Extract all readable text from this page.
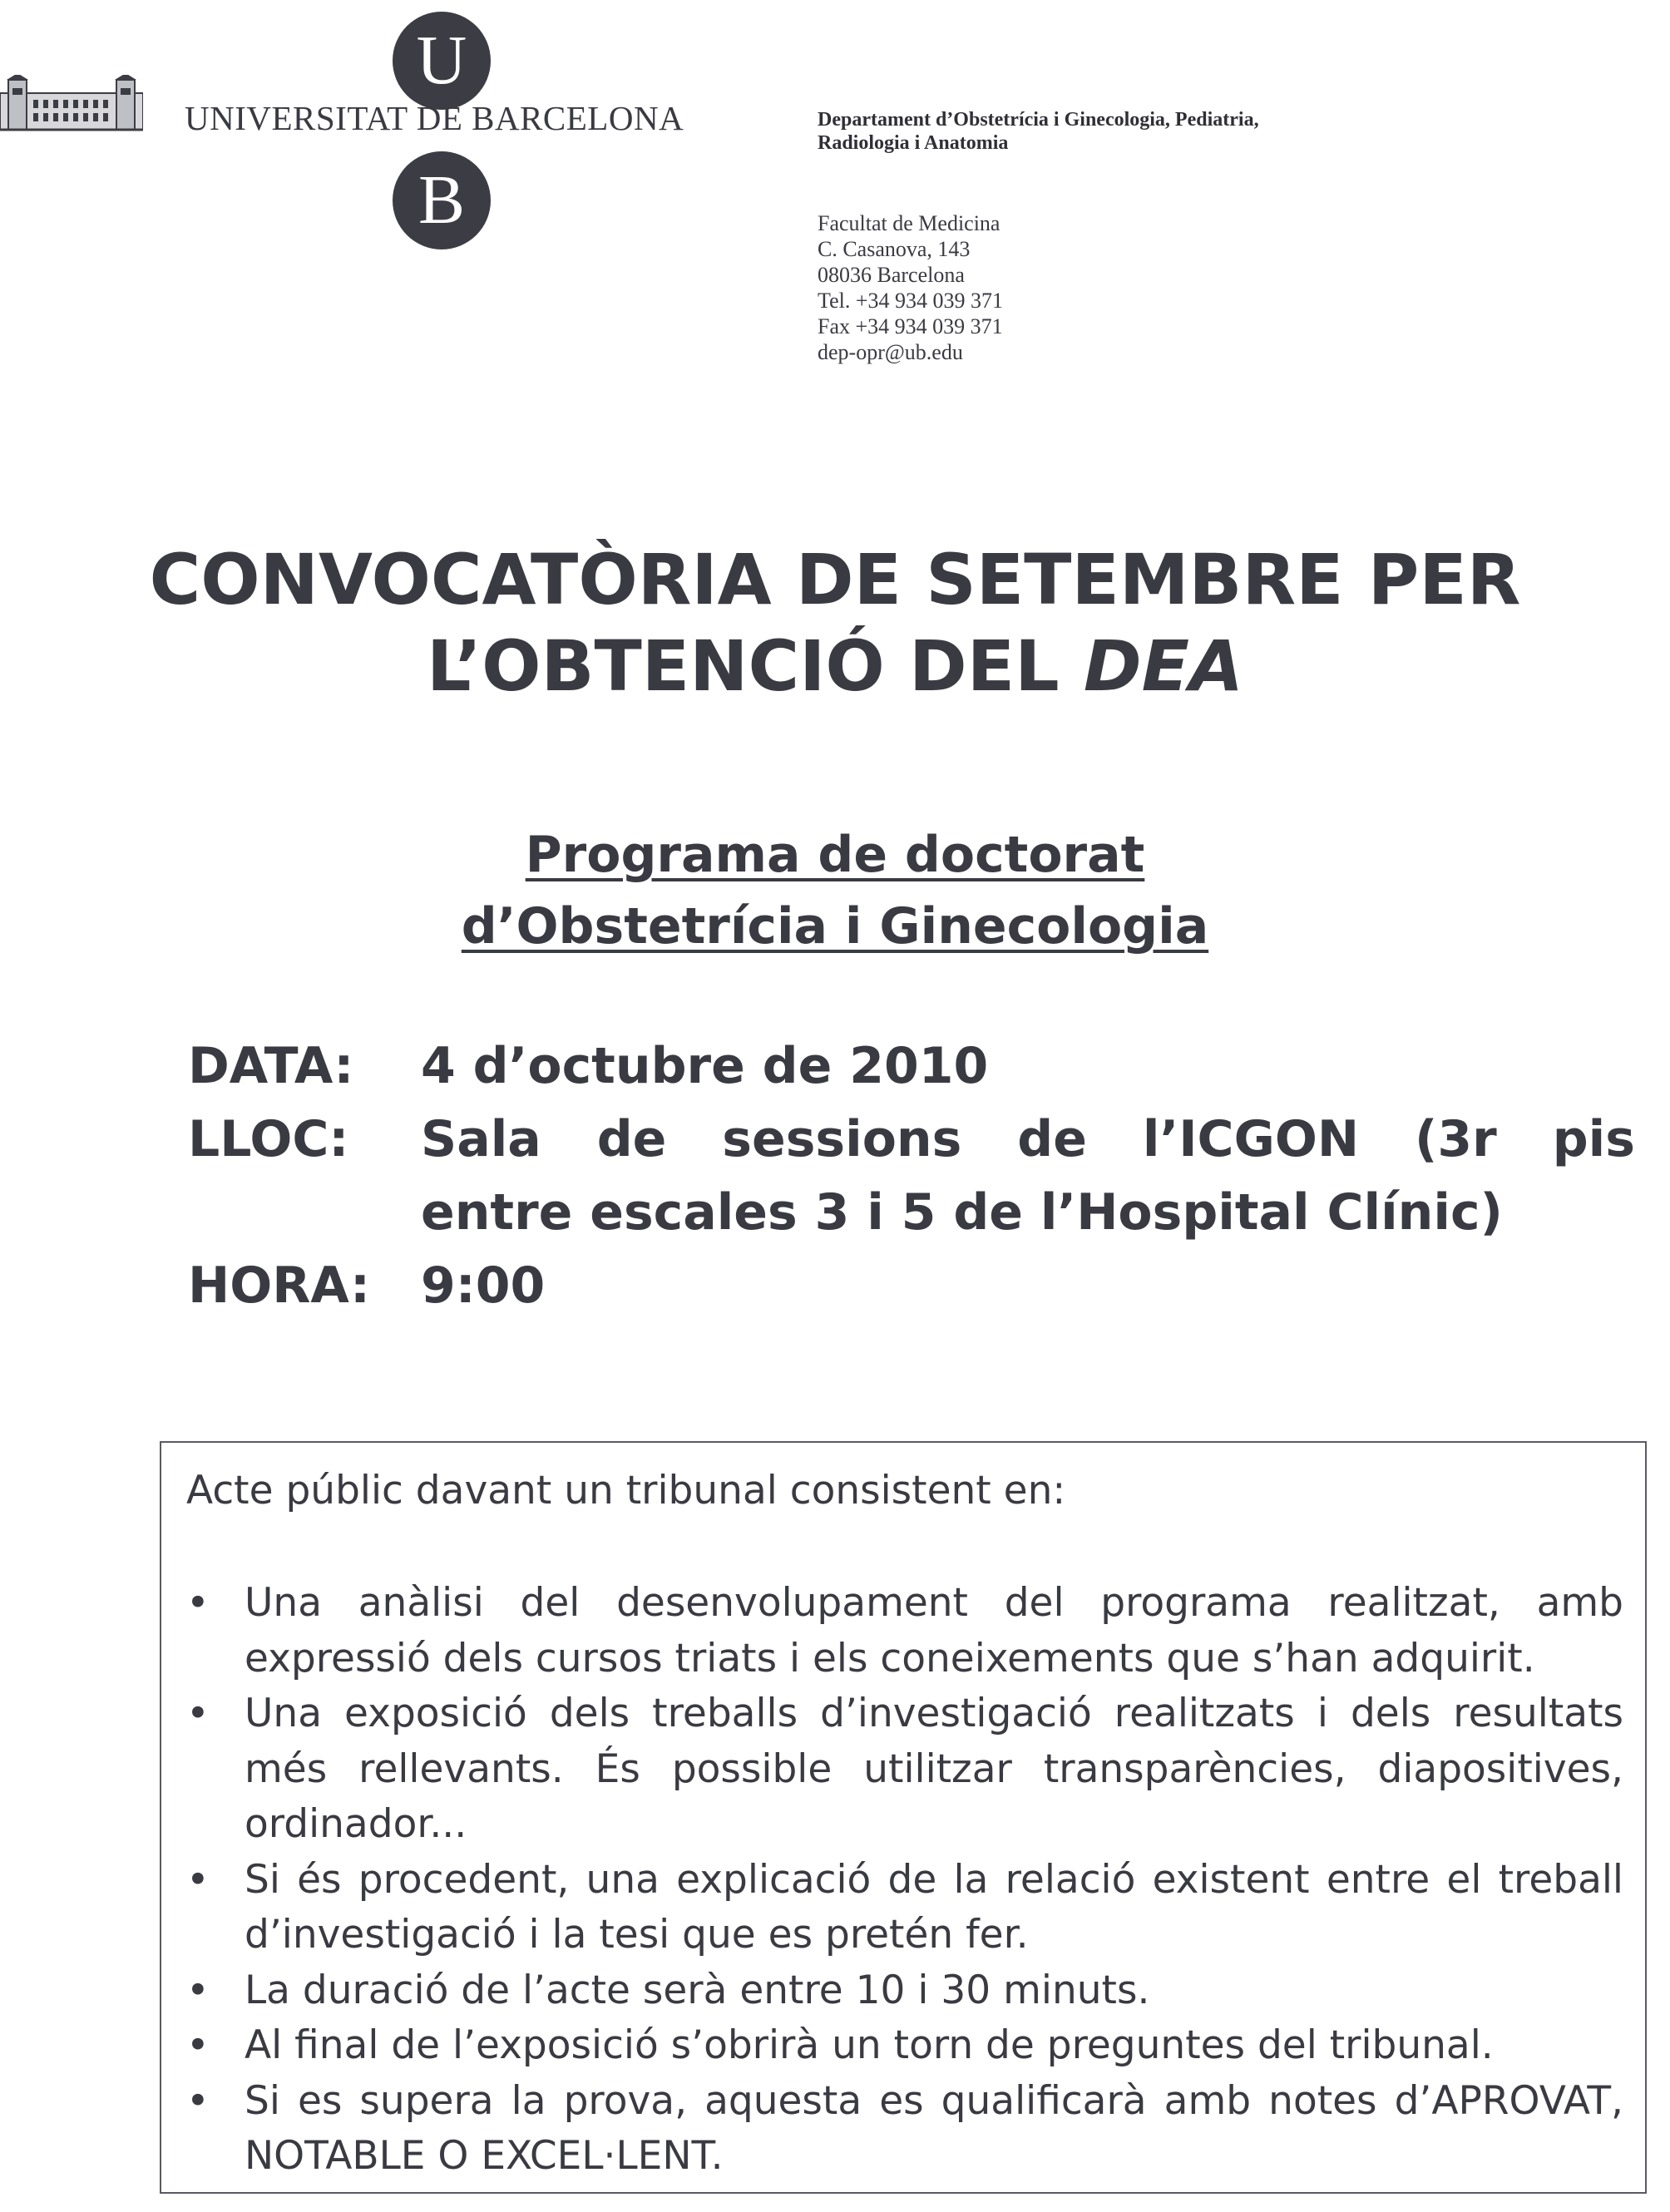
U
UNIVERSITAT DE BARCELONA
B
Departament d’Obstetrícia i Ginecologia, Pediatria, Radiologia i Anatomia
Facultat de Medicina
C. Casanova, 143
08036 Barcelona
Tel. +34 934 039 371
Fax +34 934 039 371
dep-opr@ub.edu
CONVOCATÒRIA DE SETEMBRE PER
L’OBTENCIÓ DEL DEA
Programa de doctorat
d’Obstetrícia i Ginecologia
DATA:	4 d’octubre de 2010
LLOC:	Sala de sessions de l’ICGON (3r pis
entre escales 3 i 5 de l’Hospital Clínic)
HORA:	9:00
Acte públic davant un tribunal consistent en:
• Una anàlisi del desenvolupament del programa realitzat, amb expressió dels cursos triats i els coneixements que s’han adquirit.
• Una exposició dels treballs d’investigació realitzats i dels resultats més rellevants. És possible utilitzar transparències, diapositives, ordinador...
• Si és procedent, una explicació de la relació existent entre el treball d’investigació i la tesi que es pretén fer.
• La duració de l’acte serà entre 10 i 30 minuts.
• Al final de l’exposició s’obrirà un torn de preguntes del tribunal.
• Si es supera la prova, aquesta es qualificarà amb notes d’APROVAT, NOTABLE O EXCEL·LENT.
